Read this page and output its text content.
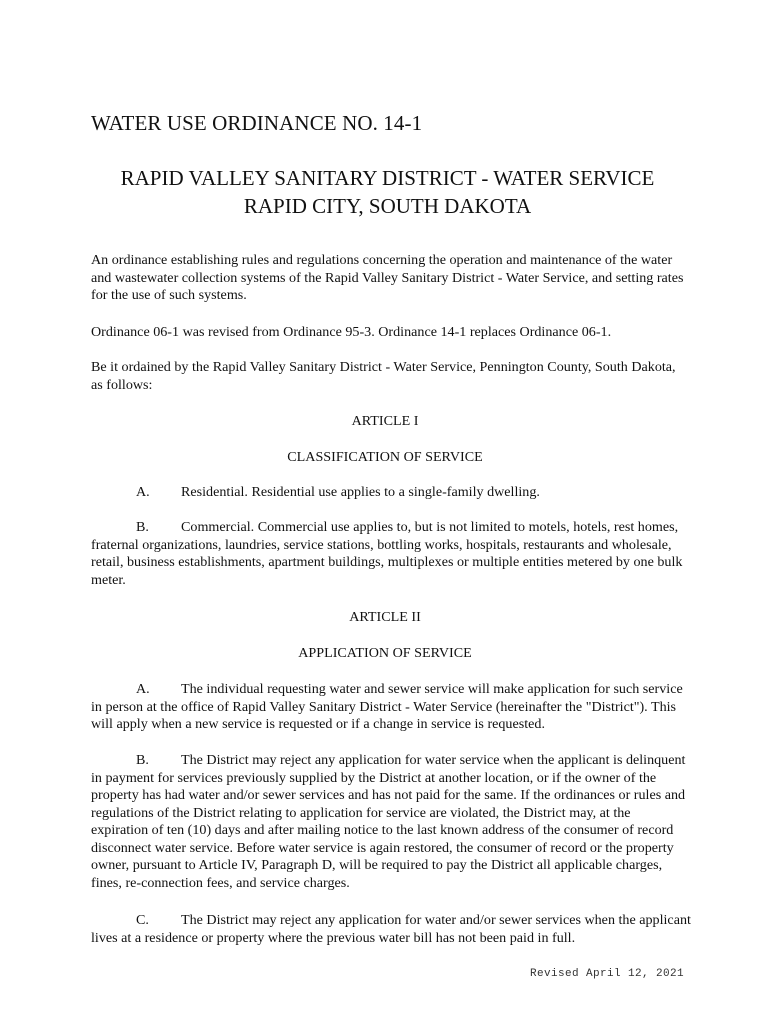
WATER USE ORDINANCE NO. 14-1
RAPID VALLEY SANITARY DISTRICT - WATER SERVICE
RAPID CITY, SOUTH DAKOTA

An ordinance establishing rules and regulations concerning the operation and maintenance of the water and wastewater collection systems of the Rapid Valley Sanitary District - Water Service, and setting rates for the use of such systems.

Ordinance 06-1 was revised from Ordinance 95-3. Ordinance 14-1 replaces Ordinance 06-1.

Be it ordained by the Rapid Valley Sanitary District - Water Service, Pennington County, South Dakota, as follows:

ARTICLE I
CLASSIFICATION OF SERVICE
A. Residential. Residential use applies to a single-family dwelling.
B. Commercial. Commercial use applies to, but is not limited to motels, hotels, rest homes, fraternal organizations, laundries, service stations, bottling works, hospitals, restaurants and wholesale, retail, business establishments, apartment buildings, multiplexes or multiple entities metered by one bulk meter.
ARTICLE II
APPLICATION OF SERVICE
A. The individual requesting water and sewer service will make application for such service in person at the office of Rapid Valley Sanitary District - Water Service (hereinafter the "District"). This will apply when a new service is requested or if a change in service is requested.
B. The District may reject any application for water service when the applicant is delinquent in payment for services previously supplied by the District at another location, or if the owner of the property has had water and/or sewer services and has not paid for the same. If the ordinances or rules and regulations of the District relating to application for service are violated, the District may, at the expiration of ten (10) days and after mailing notice to the last known address of the consumer of record disconnect water service. Before water service is again restored, the consumer of record or the property owner, pursuant to Article IV, Paragraph D, will be required to pay the District all applicable charges, fines, re-connection fees, and service charges.
C. The District may reject any application for water and/or sewer services when the applicant lives at a residence or property where the previous water bill has not been paid in full.
Revised April 12, 2021
